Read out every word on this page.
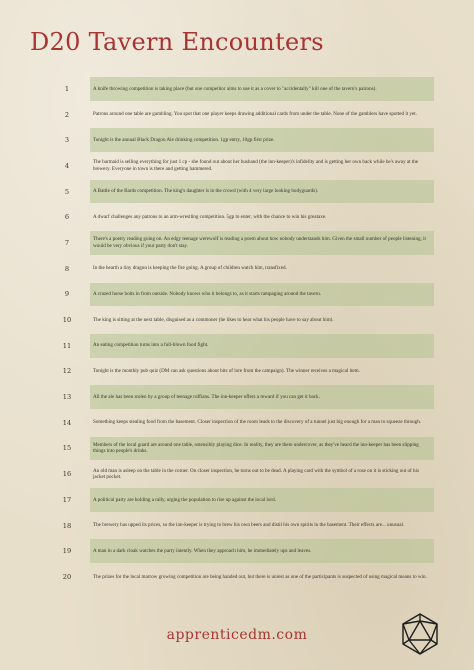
D20 Tavern Encounters
1	A knife throwing competition is taking place (but one competitor aims to use it as a cover to "accidentally" kill one of the tavern's patrons).
2	Patrons around one table are gambling. You spot that one player keeps drawing additional cards from under the table. None of the gamblers have spotted it yet.
3	Tonight is the annual Black Dragon Ale drinking competition. 1gp entry, 10gp first prize.
4	The barmaid is selling everything for just 1 cp - she found out about her husband (the inn-keeper)'s infidelity and is getting her own back while he's away at the brewery. Everyone in town is there and getting hammered.
5	A Battle of the Bards competition. The king's daughter is in the crowd (with 4 very large looking bodyguards).
6	A dwarf challenges any patrons to an arm-wrestling competition. 5gp to enter, with the chance to win his greataxe.
7	There's a poetry reading going on. An edgy teenage werewolf is reading a poem about how nobody understands him. Given the small number of people listening, it would be very obvious if your party don't stay.
8	In the hearth a tiny dragon is keeping the fire going. A group of children watch him, transfixed.
9	A crazed horse bolts in from outside. Nobody knows who it belongs to, as it starts rampaging around the tavern.
10	The king is sitting at the next table, disguised as a commoner (he likes to hear what his people have to say about him).
11	An eating competition turns into a full-blown food fight.
12	Tonight is the monthly pub quiz (DM can ask questions about bits of lore from the campaign). The winner receives a magical item.
13	All the ale has been stolen by a group of teenage ruffians. The inn-keeper offers a reward if you can get it back.
14	Something keeps stealing food from the basement. Closer inspection of the room leads to the discovery of a tunnel just big enough for a man to squeeze through.
15	Members of the local guard are around one table, ostensibly playing dice. In reality, they are there undercover, as they've heard the inn-keeper has been slipping things into people's drinks.
16	An old man is asleep on the table in the corner. On closer inspection, he turns out to be dead. A playing card with the symbol of a rose on it is sticking out of his jacket pocket.
17	A political party are holding a rally, urging the population to rise up against the local lord.
18	The brewery has upped its prices, so the inn-keeper is trying to brew his own beers and distil his own spirits in the basement. Their effects are... unusual.
19	A man in a dark cloak watches the party intently. When they approach him, he immediately ups and leaves.
20	The prizes for the local marrow growing competition are being handed out, but there is unrest as one of the participants is suspected of using magical means to win.
apprenticedm.com
